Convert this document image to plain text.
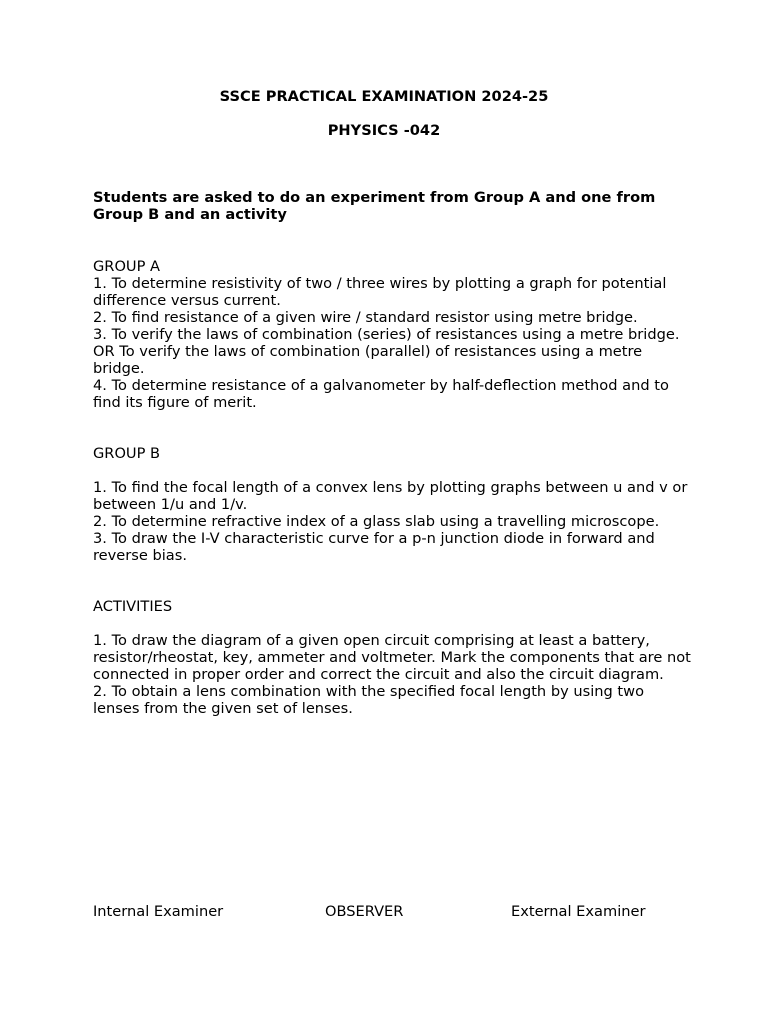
SSCE PRACTICAL EXAMINATION 2024-25
PHYSICS -042
Students are asked to do an experiment from Group A and one from Group B and an activity

GROUP A

1. To determine resistivity of two / three wires by plotting a graph for potential difference versus current.

2. To find resistance of a given wire / standard resistor using metre bridge.

3. To verify the laws of combination (series) of resistances using a metre bridge. OR To verify the laws of combination (parallel) of resistances using a metre bridge.

4. To determine resistance of a galvanometer by half-deflection method and to find its figure of merit.

GROUP B

1. To find the focal length of a convex lens by plotting graphs between u and v or between 1/u and 1/v.

2. To determine refractive index of a glass slab using a travelling microscope.

3. To draw the I-V characteristic curve for a p-n junction diode in forward and reverse bias.

ACTIVITIES

1. To draw the diagram of a given open circuit comprising at least a battery, resistor/rheostat, key, ammeter and voltmeter. Mark the components that are not connected in proper order and correct the circuit and also the circuit diagram.

2. To obtain a lens combination with the specified focal length by using two lenses from the given set of lenses.

Internal Examiner	OBSERVER	External Examiner
